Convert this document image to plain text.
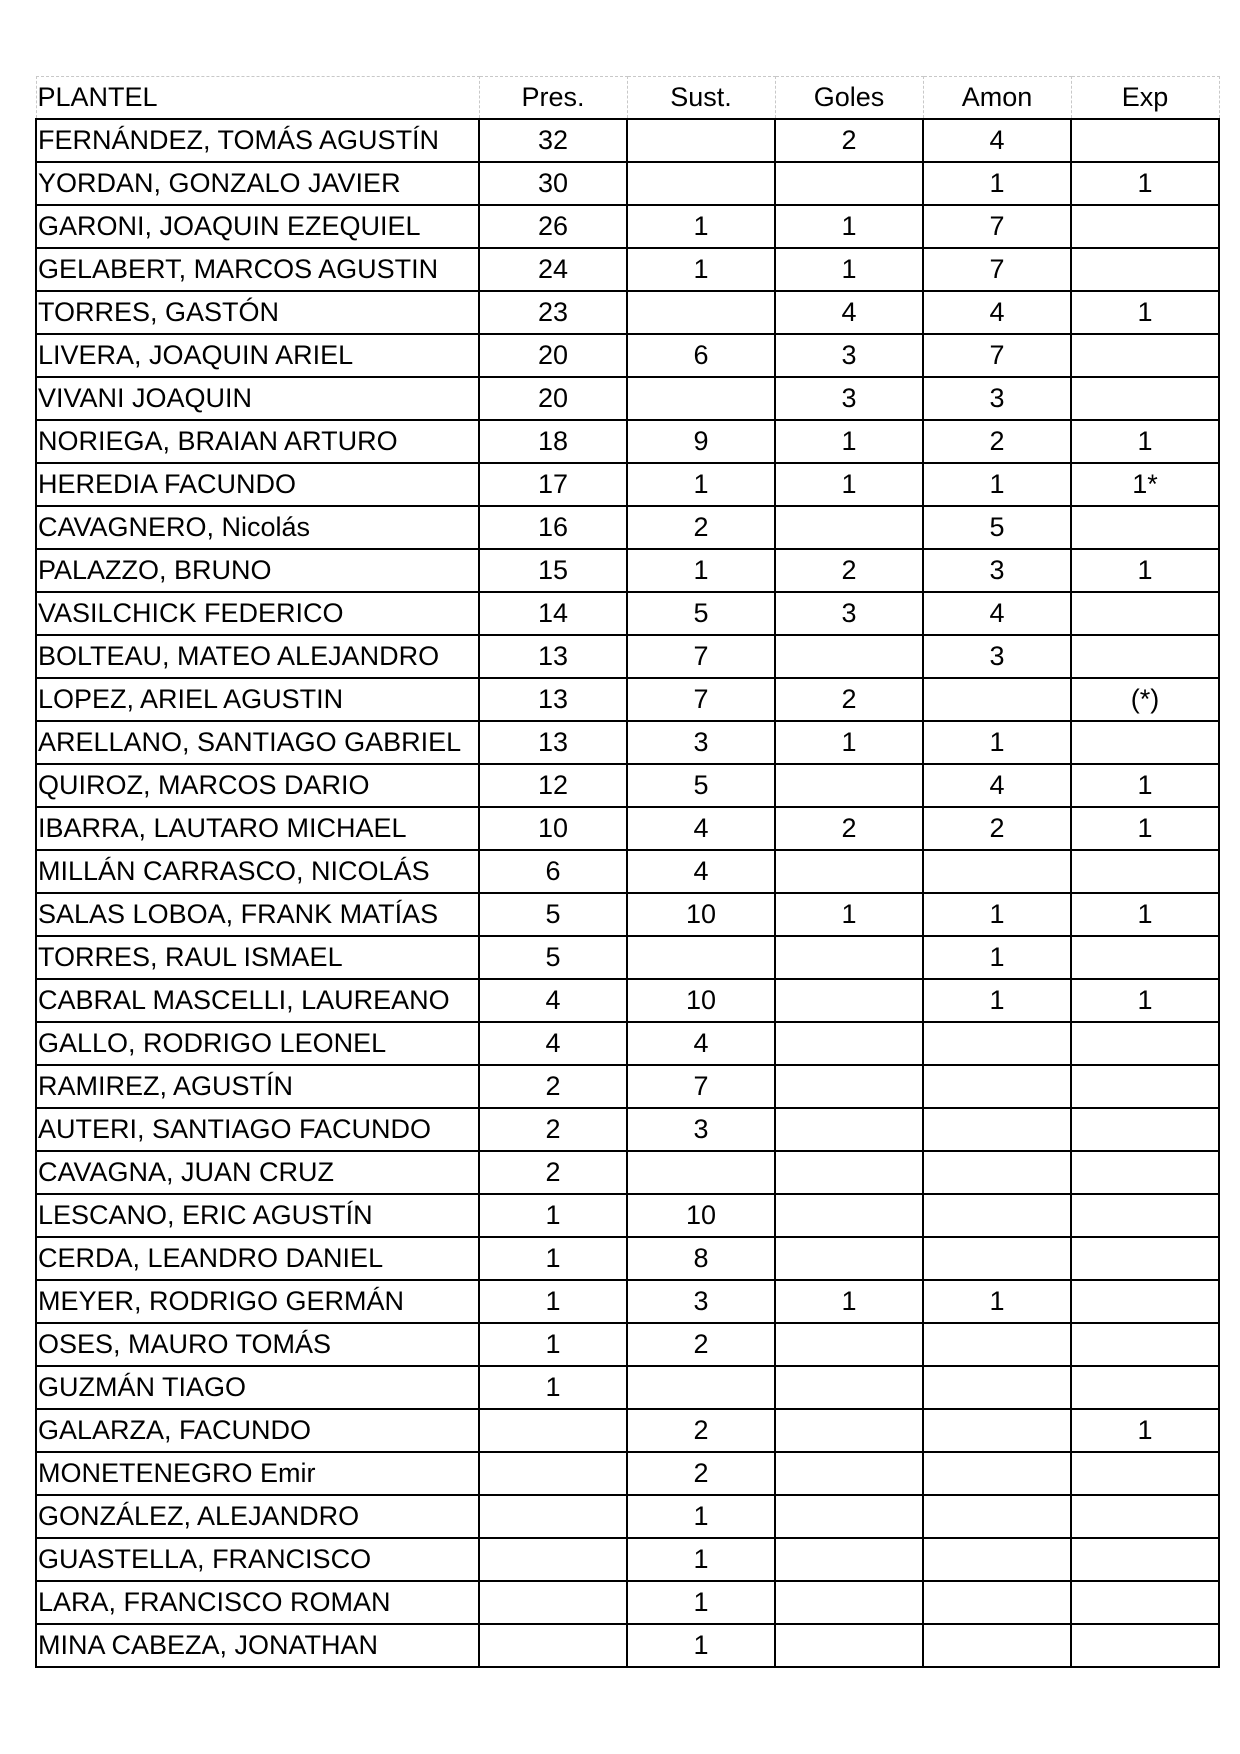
PLANTEL	Pres.	Sust.	Goles	Amon	Exp
FERNÁNDEZ, TOMÁS AGUSTÍN	32		2	4	
YORDAN, GONZALO JAVIER	30			1	1
GARONI, JOAQUIN EZEQUIEL	26	1	1	7	
GELABERT, MARCOS AGUSTIN	24	1	1	7	
TORRES, GASTÓN	23		4	4	1
LIVERA, JOAQUIN ARIEL	20	6	3	7	
VIVANI JOAQUIN	20		3	3	
NORIEGA, BRAIAN ARTURO	18	9	1	2	1
HEREDIA FACUNDO	17	1	1	1	1*
CAVAGNERO, Nicolás	16	2		5	
PALAZZO, BRUNO	15	1	2	3	1
VASILCHICK FEDERICO	14	5	3	4	
BOLTEAU, MATEO ALEJANDRO	13	7		3	
LOPEZ, ARIEL AGUSTIN	13	7	2		(*)
ARELLANO, SANTIAGO GABRIEL	13	3	1	1	
QUIROZ, MARCOS DARIO	12	5		4	1
IBARRA, LAUTARO MICHAEL	10	4	2	2	1
MILLÁN CARRASCO, NICOLÁS	6	4			
SALAS LOBOA, FRANK MATÍAS	5	10	1	1	1
TORRES, RAUL ISMAEL	5			1	
CABRAL MASCELLI, LAUREANO	4	10		1	1
GALLO, RODRIGO LEONEL	4	4			
RAMIREZ, AGUSTÍN	2	7			
AUTERI, SANTIAGO FACUNDO	2	3			
CAVAGNA, JUAN CRUZ	2				
LESCANO, ERIC AGUSTÍN	1	10			
CERDA, LEANDRO DANIEL	1	8			
MEYER, RODRIGO GERMÁN	1	3	1	1	
OSES, MAURO TOMÁS	1	2			
GUZMÁN TIAGO	1				
GALARZA, FACUNDO		2			1
MONETENEGRO Emir		2			
GONZÁLEZ, ALEJANDRO		1			
GUASTELLA, FRANCISCO		1			
LARA, FRANCISCO ROMAN		1			
MINA CABEZA, JONATHAN		1			
